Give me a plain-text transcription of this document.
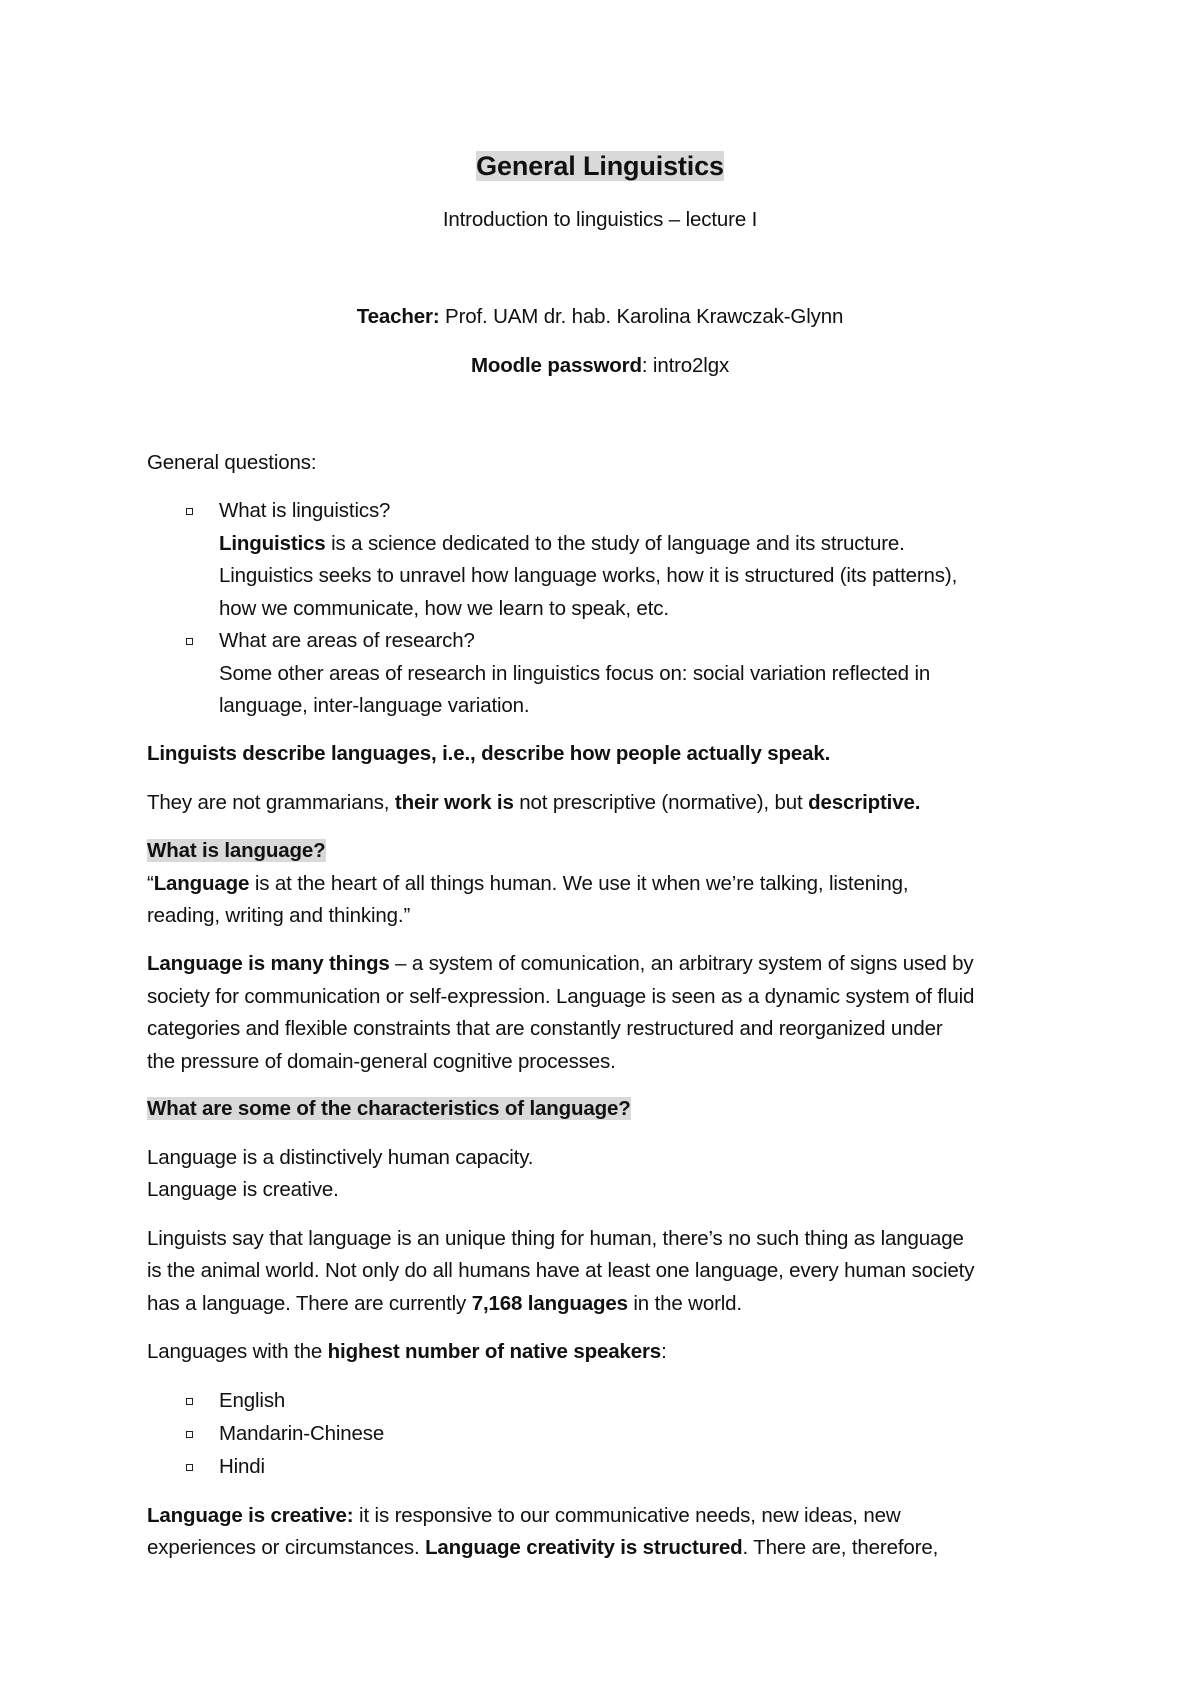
General Linguistics
Introduction to linguistics – lecture I
Teacher: Prof. UAM dr. hab. Karolina Krawczak-Glynn
Moodle password: intro2lgx
General questions:
What is linguistics?
Linguistics is a science dedicated to the study of language and its structure.
Linguistics seeks to unravel how language works, how it is structured (its patterns),
how we communicate, how we learn to speak, etc.
What are areas of research?
Some other areas of research in linguistics focus on: social variation reflected in
language, inter-language variation.
Linguists describe languages, i.e., describe how people actually speak.
They are not grammarians, their work is not prescriptive (normative), but descriptive.
What is language?
“Language is at the heart of all things human. We use it when we’re talking, listening,
reading, writing and thinking.”
Language is many things – a system of comunication, an arbitrary system of signs used by
society for communication or self-expression. Language is seen as a dynamic system of fluid
categories and flexible constraints that are constantly restructured and reorganized under
the pressure of domain-general cognitive processes.
What are some of the characteristics of language?
Language is a distinctively human capacity.
Language is creative.
Linguists say that language is an unique thing for human, there’s no such thing as language
is the animal world. Not only do all humans have at least one language, every human society
has a language. There are currently 7,168 languages in the world.
Languages with the highest number of native speakers:
English
Mandarin-Chinese
Hindi
Language is creative: it is responsive to our communicative needs, new ideas, new
experiences or circumstances. Language creativity is structured. There are, therefore,
